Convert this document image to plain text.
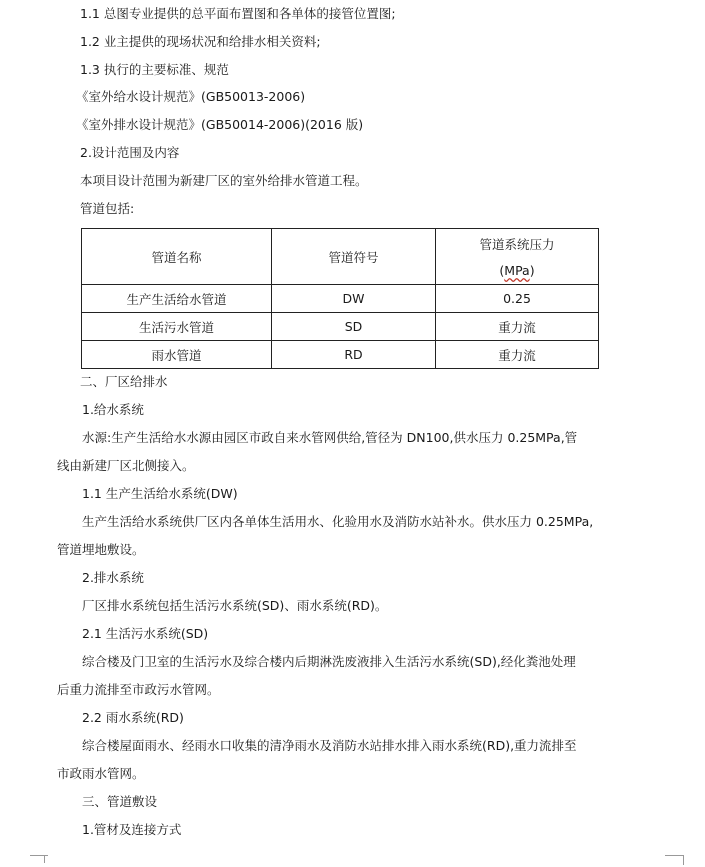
1.1 总图专业提供的总平面布置图和各单体的接管位置图;
1.2 业主提供的现场状况和给排水相关资料;
1.3 执行的主要标准、规范
《室外给水设计规范》(GB50013-2006)
《室外排水设计规范》(GB50014-2006)(2016 版)
2.设计范围及内容
本项目设计范围为新建厂区的室外给排水管道工程。
管道包括:
管道名称	管道符号	管道系统压力
(MPa)

生产生活给水管道	DW	0.25
生活污水管道	SD	重力流
雨水管道	RD	重力流
二、厂区给排水
1.给水系统
水源:生产生活给水水源由园区市政自来水管网供给,管径为 DN100,供水压力 0.25MPa,管
线由新建厂区北侧接入。
1.1 生产生活给水系统(DW)
生产生活给水系统供厂区内各单体生活用水、化验用水及消防水站补水。供水压力 0.25MPa,
管道埋地敷设。
2.排水系统
厂区排水系统包括生活污水系统(SD)、雨水系统(RD)。
2.1 生活污水系统(SD)
综合楼及门卫室的生活污水及综合楼内后期淋洗废液排入生活污水系统(SD),经化粪池处理
后重力流排至市政污水管网。
2.2 雨水系统(RD)
综合楼屋面雨水、经雨水口收集的清净雨水及消防水站排水排入雨水系统(RD),重力流排至
市政雨水管网。
三、管道敷设
1.管材及连接方式
